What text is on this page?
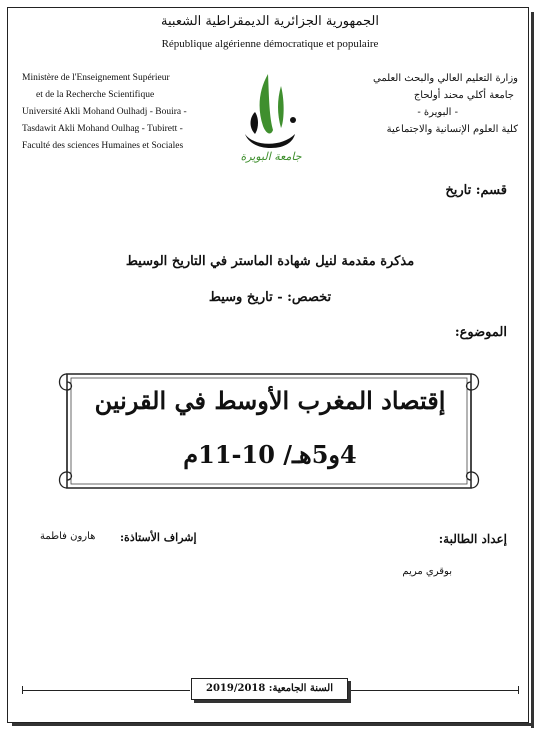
الجمهورية الجزائرية الديمقراطية الشعبية
République algérienne démocratique et populaire
Ministère de l'Enseignement Supérieur
et de la Recherche Scientifique
Université Akli Mohand Oulhadj - Bouira -
Tasdawit Akli Mohand Oulhag - Tubirett -
Faculté des sciences Humaines et Sociales
وزارة التعليم العالي والبحث العلمي
جامعة أكلي محند أولحاج
- البويرة -
كلية العلوم الإنسانية والاجتماعية
جامعة البويرة
قسم: تاريخ
مذكرة مقدمة لنيل شهادة الماستر في التاريخ الوسيط
تخصص: - تاريخ وسيط
الموضوع:
إقتصاد المغرب الأوسط في القرنين
4و5هـ/ 10-11م
إعداد الطالبة:
إشراف الأستاذة:
هارون فاطمة
بوقري مريم
السنة الجامعية: 2019/2018
